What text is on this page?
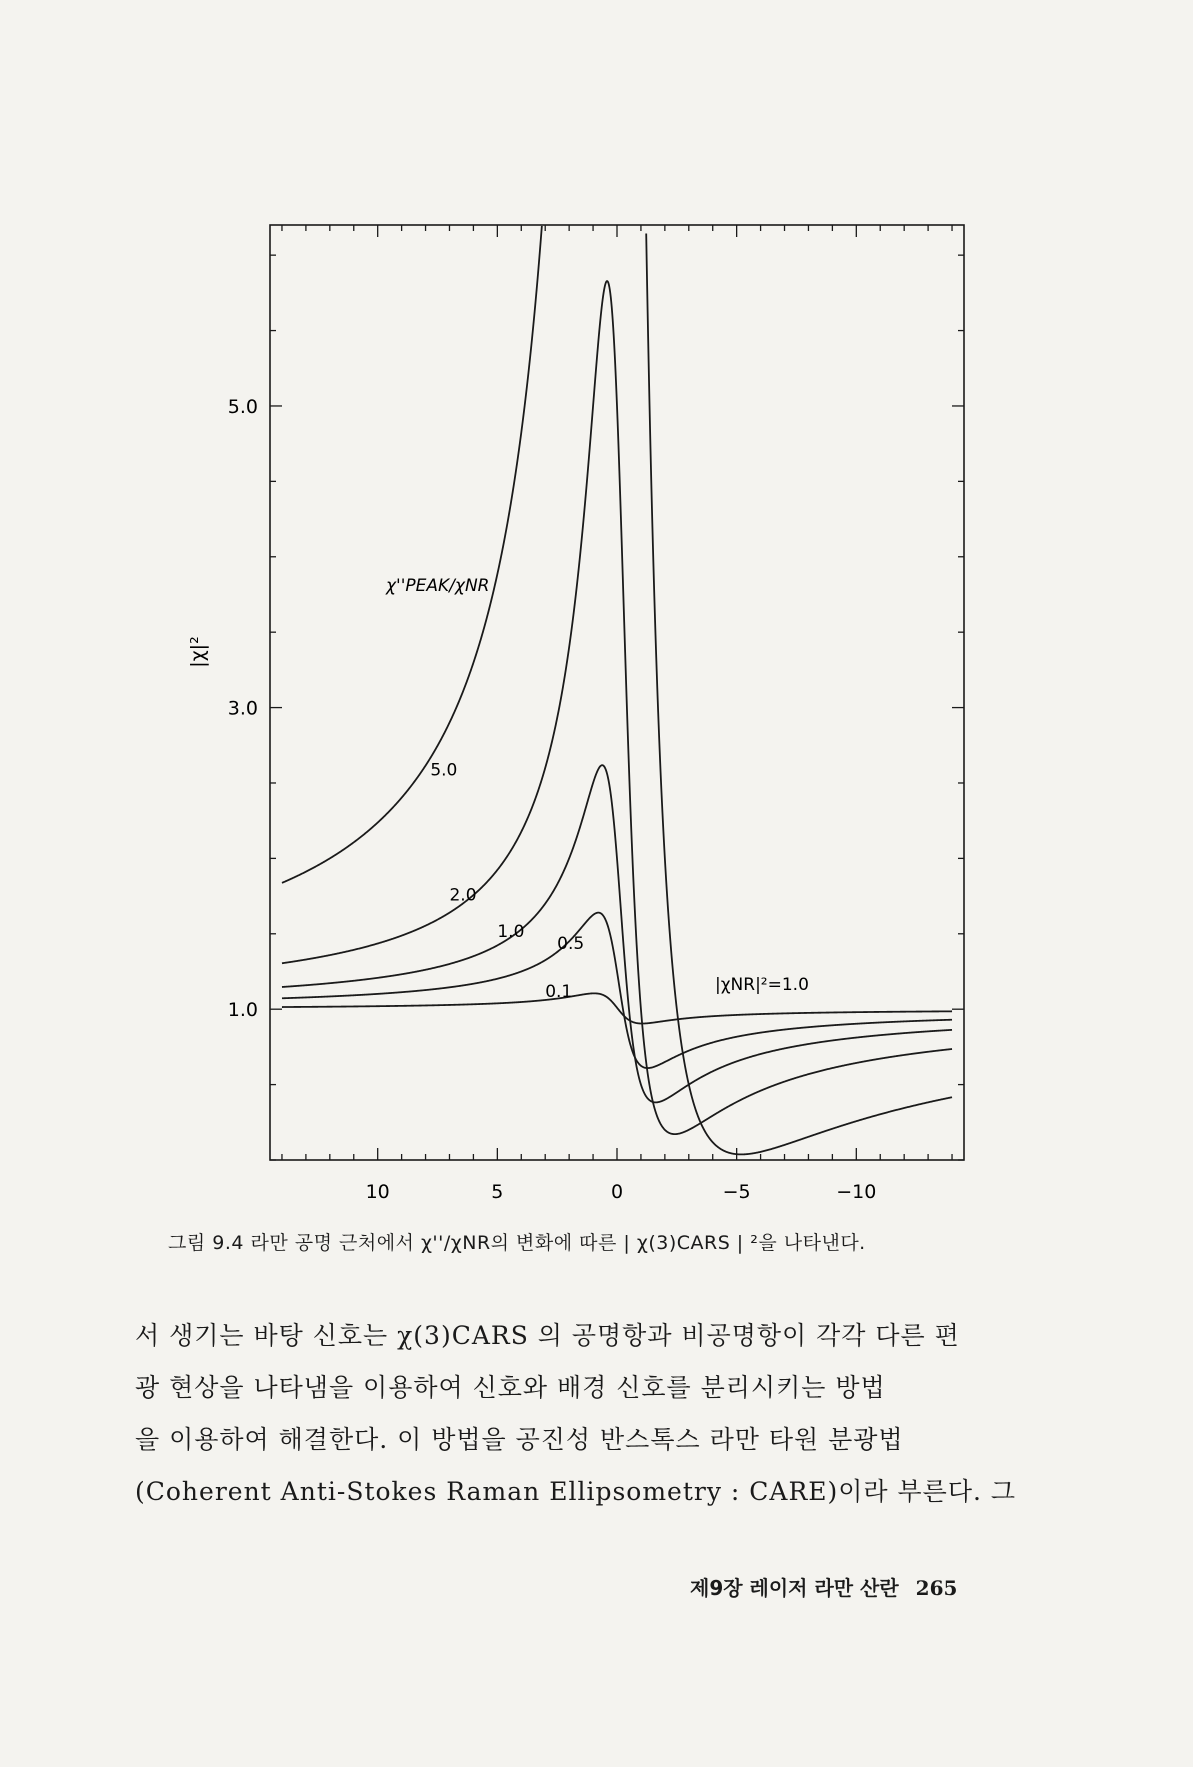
10	5	0	−5	−10
1.0
3.0
5.0
5.0
2.0
1.0
0.5
0.1
|χ|²
χ''PEAK/χNR
|χNR|²=1.0
그림 9.4 라만 공명 근처에서 χ''/χNR의 변화에 따른 | χ(3)CARS | ²을 나타낸다.

서 생기는 바탕 신호는 χ(3)CARS 의 공명항과 비공명항이 각각 다른 편

광 현상을 나타냄을 이용하여 신호와 배경 신호를 분리시키는 방법

을 이용하여 해결한다. 이 방법을 공진성 반스톡스 라만 타원 분광법

(Coherent Anti-Stokes Raman Ellipsometry : CARE)이라 부른다. 그

제9장 레이저 라만 산란 265
